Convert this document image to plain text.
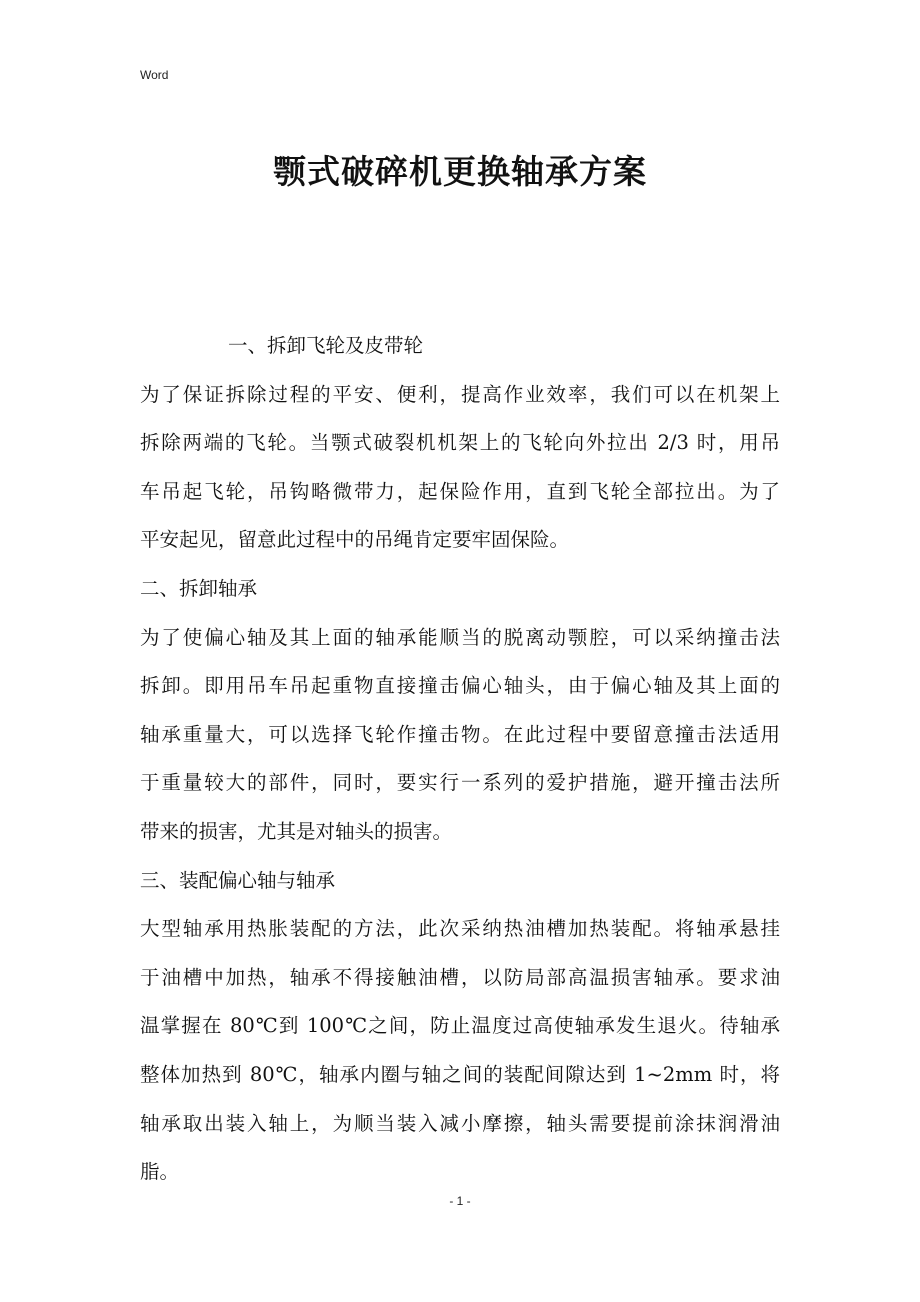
Word
颚式破碎机更换轴承方案
一、拆卸飞轮及皮带轮
为了保证拆除过程的平安、便利，提高作业效率，我们可以在机架上
拆除两端的飞轮。当颚式破裂机机架上的飞轮向外拉出 2/3 时，用吊
车吊起飞轮，吊钩略微带力，起保险作用，直到飞轮全部拉出。为了
平安起见，留意此过程中的吊绳肯定要牢固保险。
二、拆卸轴承
为了使偏心轴及其上面的轴承能顺当的脱离动颚腔，可以采纳撞击法
拆卸。即用吊车吊起重物直接撞击偏心轴头，由于偏心轴及其上面的
轴承重量大，可以选择飞轮作撞击物。在此过程中要留意撞击法适用
于重量较大的部件，同时，要实行一系列的爱护措施，避开撞击法所
带来的损害，尤其是对轴头的损害。
三、装配偏心轴与轴承
大型轴承用热胀装配的方法，此次采纳热油槽加热装配。将轴承悬挂
于油槽中加热，轴承不得接触油槽，以防局部高温损害轴承。要求油
温掌握在 80℃到 100℃之间，防止温度过高使轴承发生退火。待轴承
整体加热到 80℃，轴承内圈与轴之间的装配间隙达到 1~2mm 时，将
轴承取出装入轴上，为顺当装入减小摩擦，轴头需要提前涂抹润滑油
脂。
- 1 -
